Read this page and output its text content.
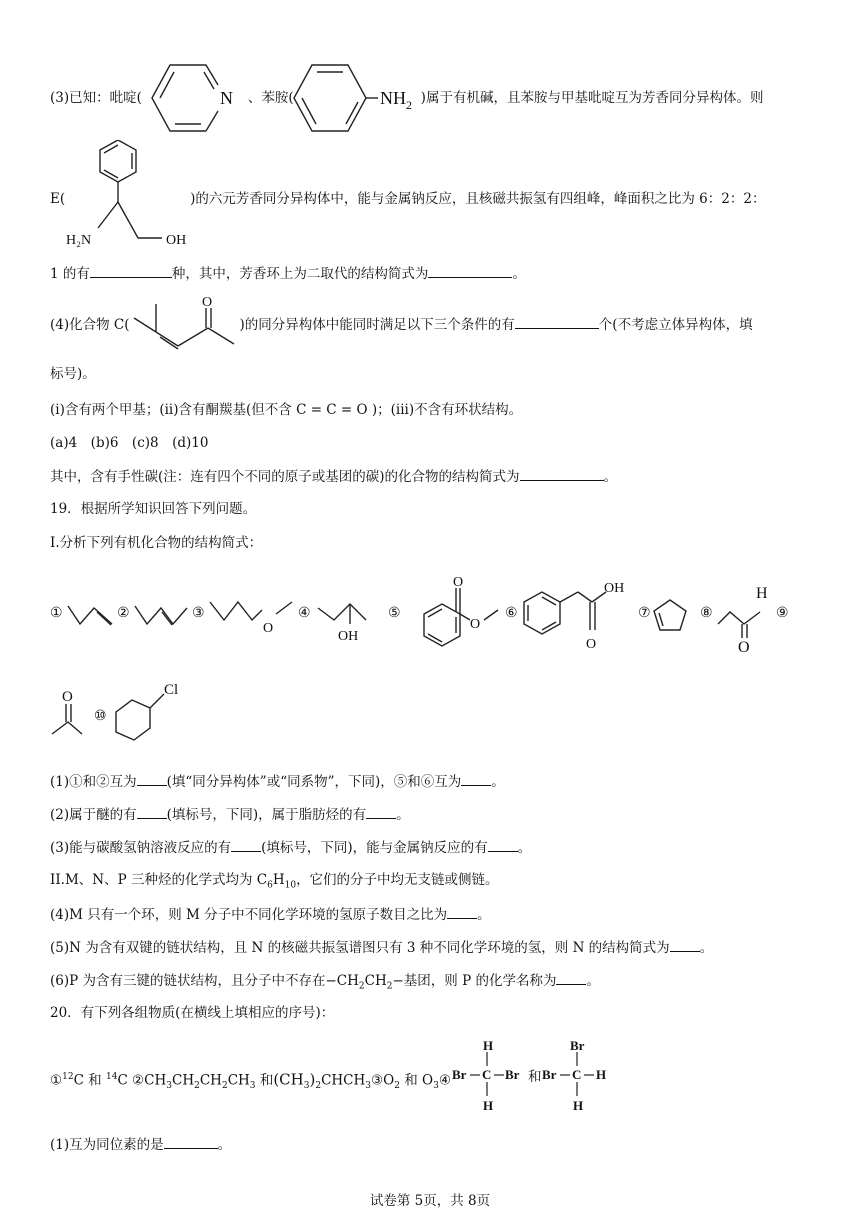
(3)已知：吡啶(	、苯胺(	)属于有机碱，且苯胺与甲基吡啶互为芳香同分异构体。则
N	$NH_2$
E(	)的六元芳香同分异构体中，能与金属钠反应，且核磁共振氢有四组峰，峰面积之比为 6：2：2：
H₂N	OH
1 的有	种，其中，芳香环上为二取代的结构简式为	。
(4)化合物 C(	)的同分异构体中能同时满足以下三个条件的有	个(不考虑立体异构体，填
O
标号)。
(i)含有两个甲基；(ii)含有酮羰基(但不含 C = C = O )；(iii)不含有环状结构。
(a)4　(b)6　(c)8　(d)10
其中，含有手性碳(注：连有四个不同的原子或基团的碳)的化合物的结构简式为	。
19．根据所学知识回答下列问题。
I.分析下列有机化合物的结构简式：
①	②	③
O
④
OH
⑤
O
O
⑥
OH
O
⑦	⑧
H
O
⑨
O
⑩
Cl
(1)①和②互为 (填“同分异构体”或“同系物”，下同)，⑤和⑥互为 。
(2)属于醚的有 (填标号，下同)，属于脂肪烃的有 。
(3)能与碳酸氢钠溶液反应的有 (填标号，下同)，能与金属钠反应的有 。
II.M、N、P 三种烃的化学式均为 $C_6H_{10}$，它们的分子中均无支链或侧链。
(4)M 只有一个环，则 M 分子中不同化学环境的氢原子数目之比为 。
(5)N 为含有双键的链状结构，且 N 的核磁共振氢谱图只有 3 种不同化学环境的氢，则 N 的结构简式为 。
(6)P 为含有三键的链状结构，且分子中不存在$-CH_2CH_2-$基团，则 P 的化学名称为 。
20．有下列各组物质(在横线上填相应的序号)：
①$^{12}$C 和 $^{14}$C $②CH_3CH_2CH_2CH_3$ 和$(CH_3)_2CHCH_3③O_2$ 和 $O_3④$
H
C
H
Br	Br 和
Br
C
H
Br	H
(1)互为同位素的是	。
试卷第 5页，共 8页
